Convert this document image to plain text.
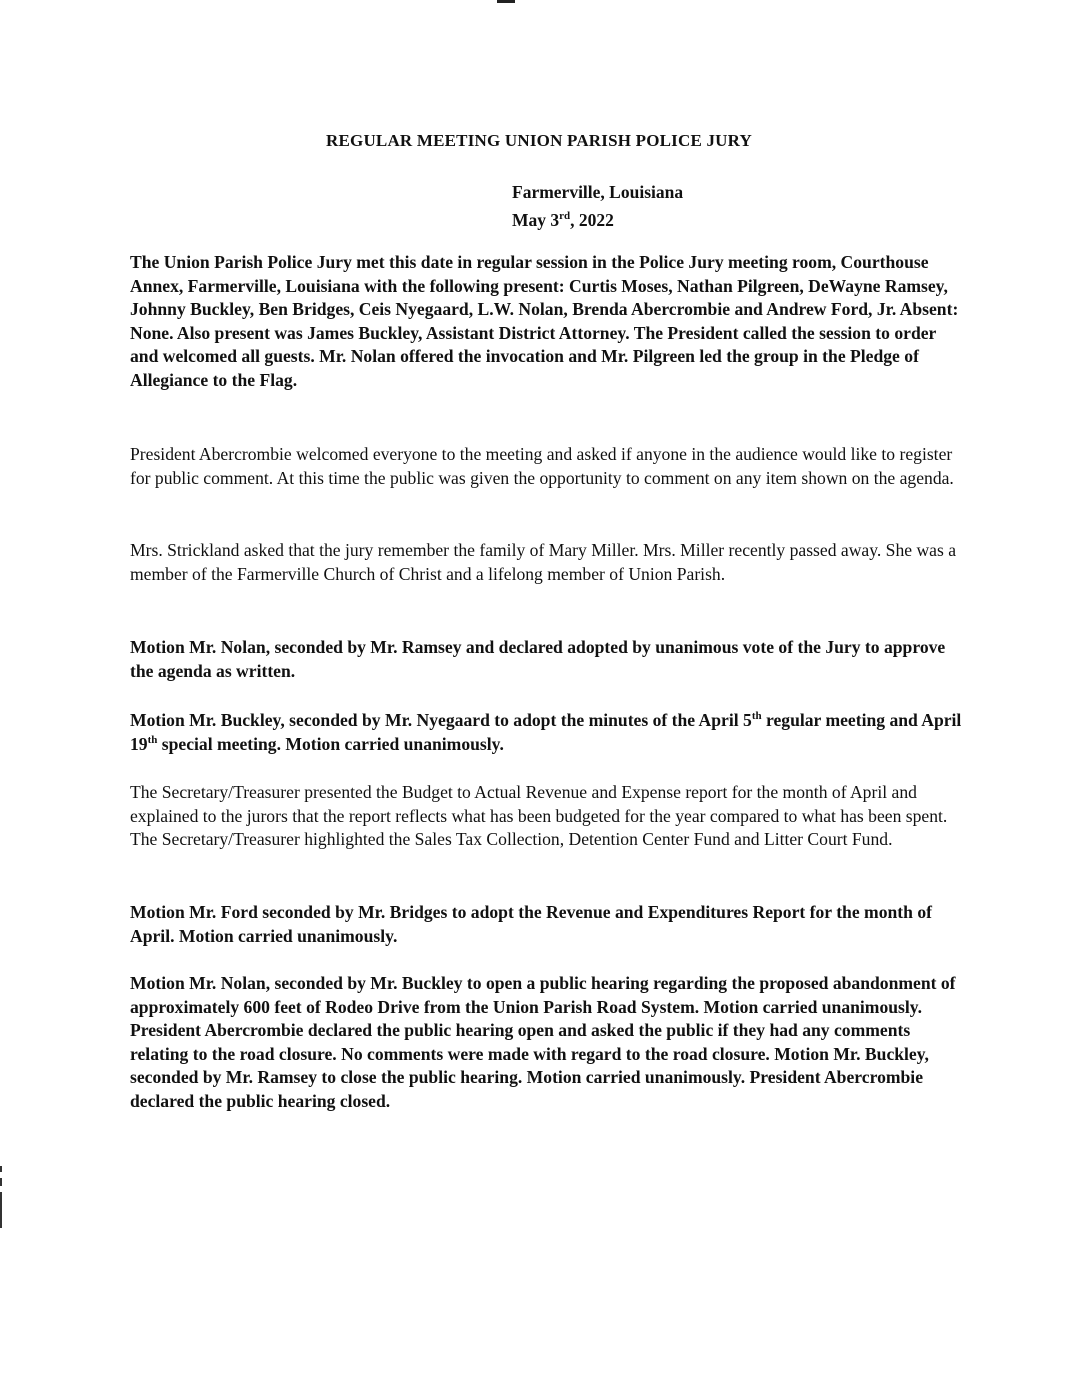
REGULAR MEETING UNION PARISH POLICE JURY
Farmerville, Louisiana
May 3rd, 2022

The Union Parish Police Jury met this date in regular session in the Police Jury meeting room, Courthouse Annex, Farmerville, Louisiana with the following present: Curtis Moses, Nathan Pilgreen, DeWayne Ramsey, Johnny Buckley, Ben Bridges, Ceis Nyegaard, L.W. Nolan, Brenda Abercrombie and Andrew Ford, Jr. Absent: None. Also present was James Buckley, Assistant District Attorney. The President called the session to order and welcomed all guests. Mr. Nolan offered the invocation and Mr. Pilgreen led the group in the Pledge of Allegiance to the Flag.

President Abercrombie welcomed everyone to the meeting and asked if anyone in the audience would like to register for public comment. At this time the public was given the opportunity to comment on any item shown on the agenda.

Mrs. Strickland asked that the jury remember the family of Mary Miller. Mrs. Miller recently passed away. She was a member of the Farmerville Church of Christ and a lifelong member of Union Parish.

Motion Mr. Nolan, seconded by Mr. Ramsey and declared adopted by unanimous vote of the Jury to approve the agenda as written.

Motion Mr. Buckley, seconded by Mr. Nyegaard to adopt the minutes of the April 5th regular meeting and April 19th special meeting. Motion carried unanimously.

The Secretary/Treasurer presented the Budget to Actual Revenue and Expense report for the month of April and explained to the jurors that the report reflects what has been budgeted for the year compared to what has been spent. The Secretary/Treasurer highlighted the Sales Tax Collection, Detention Center Fund and Litter Court Fund.

Motion Mr. Ford seconded by Mr. Bridges to adopt the Revenue and Expenditures Report for the month of April. Motion carried unanimously.

Motion Mr. Nolan, seconded by Mr. Buckley to open a public hearing regarding the proposed abandonment of approximately 600 feet of Rodeo Drive from the Union Parish Road System. Motion carried unanimously. President Abercrombie declared the public hearing open and asked the public if they had any comments relating to the road closure. No comments were made with regard to the road closure. Motion Mr. Buckley, seconded by Mr. Ramsey to close the public hearing. Motion carried unanimously. President Abercrombie declared the public hearing closed.
